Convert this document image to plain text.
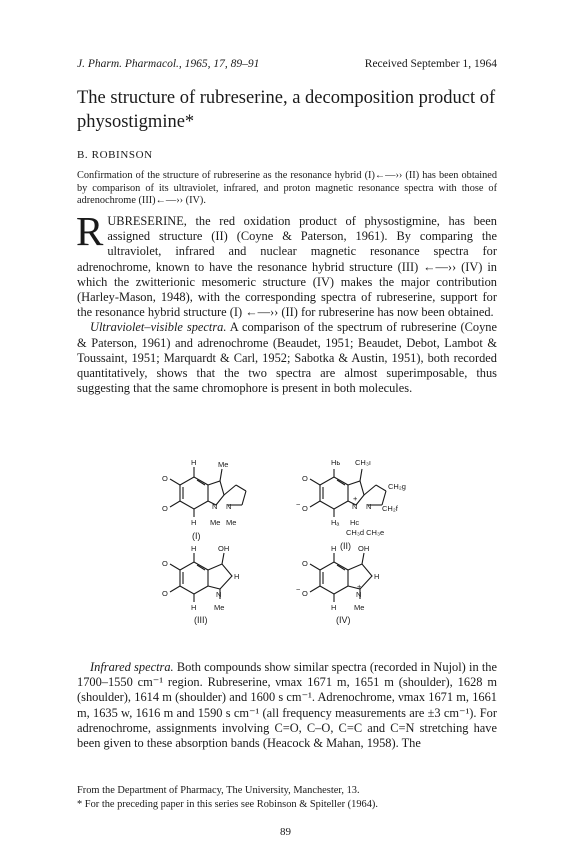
J. Pharm. Pharmacol., 1965, 17, 89–91	Received September 1, 1964
The structure of rubreserine, a decomposition product of physostigmine*
B. ROBINSON
Confirmation of the structure of rubreserine as the resonance hybrid (I)←—›› (II) has been obtained by comparison of its ultraviolet, infrared, and proton magnetic resonance spectra with those of adrenochrome (III)←—›› (IV).

RUBRESERINE, the red oxidation product of physostigmine, has been assigned structure (II) (Coyne & Paterson, 1961). By comparing the ultraviolet, infrared and nuclear magnetic resonance spectra for adrenochrome, known to have the resonance hybrid structure (III) ←—›› (IV) in which the zwitterionic mesomeric structure (IV) makes the major contribution (Harley-Mason, 1948), with the corresponding spectra of rubreserine, support for the resonance hybrid structure (I) ←—›› (II) for rubreserine has now been obtained.

Ultraviolet–visible spectra. A comparison of the spectrum of rubreserine (Coyne & Paterson, 1961) and adrenochrome (Beaudet, 1951; Beaudet, Debot, Lambot & Toussaint, 1951; Marquardt & Carl, 1952; Sabotka & Austin, 1951), both recorded quantitatively, shows that the two spectra are almost superimposable, thus suggesting that the same chromophore is present in both molecules.

H	Me
O
O	N N
H Me Me
(I)
Hь CH₃ı
CH₂g
CH₂f
O
O
−	N N
+
Hₐ Hc
CH₃d CH₃e
(II)
H	OH
H
O
O	N
H Me
(III)
H	OH
H
O
O
−
N
+
H Me
(IV)

Infrared spectra. Both compounds show similar spectra (recorded in Nujol) in the 1700–1550 cm⁻¹ region. Rubreserine, νmax 1671 m, 1651 m (shoulder), 1628 m (shoulder), 1614 m (shoulder) and 1600 s cm⁻¹. Adrenochrome, νmax 1671 m, 1661 m, 1635 w, 1616 m and 1590 s cm⁻¹ (all frequency measurements are ±3 cm⁻¹). For adrenochrome, assignments involving C=O, C–O, C=C and C=N stretching have been given to these absorption bands (Heacock & Mahan, 1958). The

From the Department of Pharmacy, The University, Manchester, 13.
* For the preceding paper in this series see Robinson & Spiteller (1964).
89
